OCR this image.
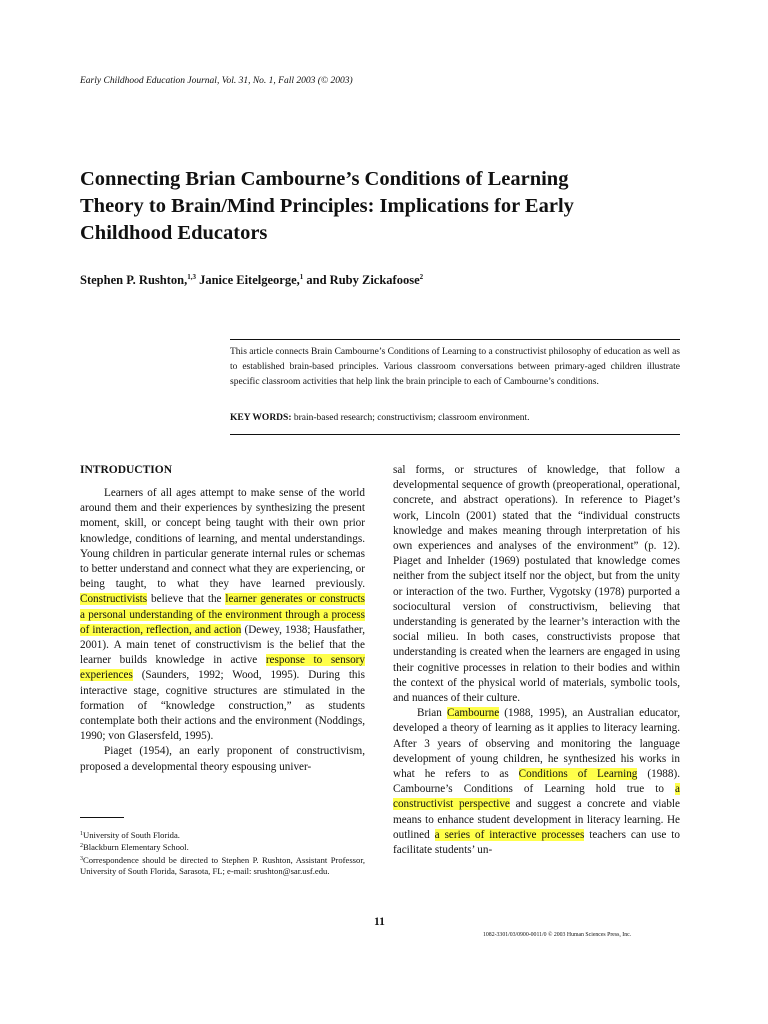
Early Childhood Education Journal, Vol. 31, No. 1, Fall 2003 (© 2003)
Connecting Brian Cambourne’s Conditions of Learning
Theory to Brain/Mind Principles: Implications for Early
Childhood Educators
Stephen P. Rushton,$^{1,3}$ Janice Eitelgeorge,$^1$ and Ruby Zickafoose$^2$

This article connects Brain Cambourne’s Conditions of Learning to a constructivist philosophy of education as well as to established brain-based principles. Various classroom conversations between primary-aged children illustrate specific classroom activities that help link the brain principle to each of Cambourne’s conditions.

KEY WORDS: brain-based research; constructivism; classroom environment.
INTRODUCTION

Learners of all ages attempt to make sense of the world around them and their experiences by synthesizing the present moment, skill, or concept being taught with their own prior knowledge, conditions of learning, and mental understandings. Young children in particular generate internal rules or schemas to better understand and connect what they are experiencing, or being taught, to what they have learned previously. Constructivists believe that the learner generates or constructs a personal understanding of the environment through a process of interaction, reflection, and action (Dewey, 1938; Hausfather, 2001). A main tenet of constructivism is the belief that the learner builds knowledge in active response to sensory experiences (Saunders, 1992; Wood, 1995). During this interactive stage, cognitive structures are stimulated in the formation of “knowledge construction,” as students contemplate both their actions and the environment (Noddings, 1990; von Glasersfeld, 1995).

Piaget (1954), an early proponent of constructivism, proposed a developmental theory espousing univer-

sal forms, or structures of knowledge, that follow a developmental sequence of growth (preoperational, operational, concrete, and abstract operations). In reference to Piaget’s work, Lincoln (2001) stated that the “individual constructs knowledge and makes meaning through interpretation of his own experiences and analyses of the environment” (p. 12). Piaget and Inhelder (1969) postulated that knowledge comes neither from the subject itself nor the object, but from the unity or interaction of the two. Further, Vygotsky (1978) purported a sociocultural version of constructivism, believing that understanding is generated by the learner’s interaction with the social milieu. In both cases, constructivists propose that understanding is created when the learners are engaged in using their cognitive processes in relation to their bodies and within the context of the physical world of materials, symbolic tools, and nuances of their culture.

Brian Cambourne (1988, 1995), an Australian educator, developed a theory of learning as it applies to literacy learning. After 3 years of observing and monitoring the language development of young children, he synthesized his works in what he refers to as Conditions of Learning (1988). Cambourne’s Conditions of Learning hold true to a constructivist perspective and suggest a concrete and viable means to enhance student development in literacy learning. He outlined a series of interactive processes teachers can use to facilitate students’ un-

$^1$University of South Florida.

$^2$Blackburn Elementary School.

$^3$Correspondence should be directed to Stephen P. Rushton, Assistant Professor, University of South Florida, Sarasota, FL; e-mail: srushton@sar.usf.edu.

11
1082-3301/03/0900-0011/0 © 2003 Human Sciences Press, Inc.
